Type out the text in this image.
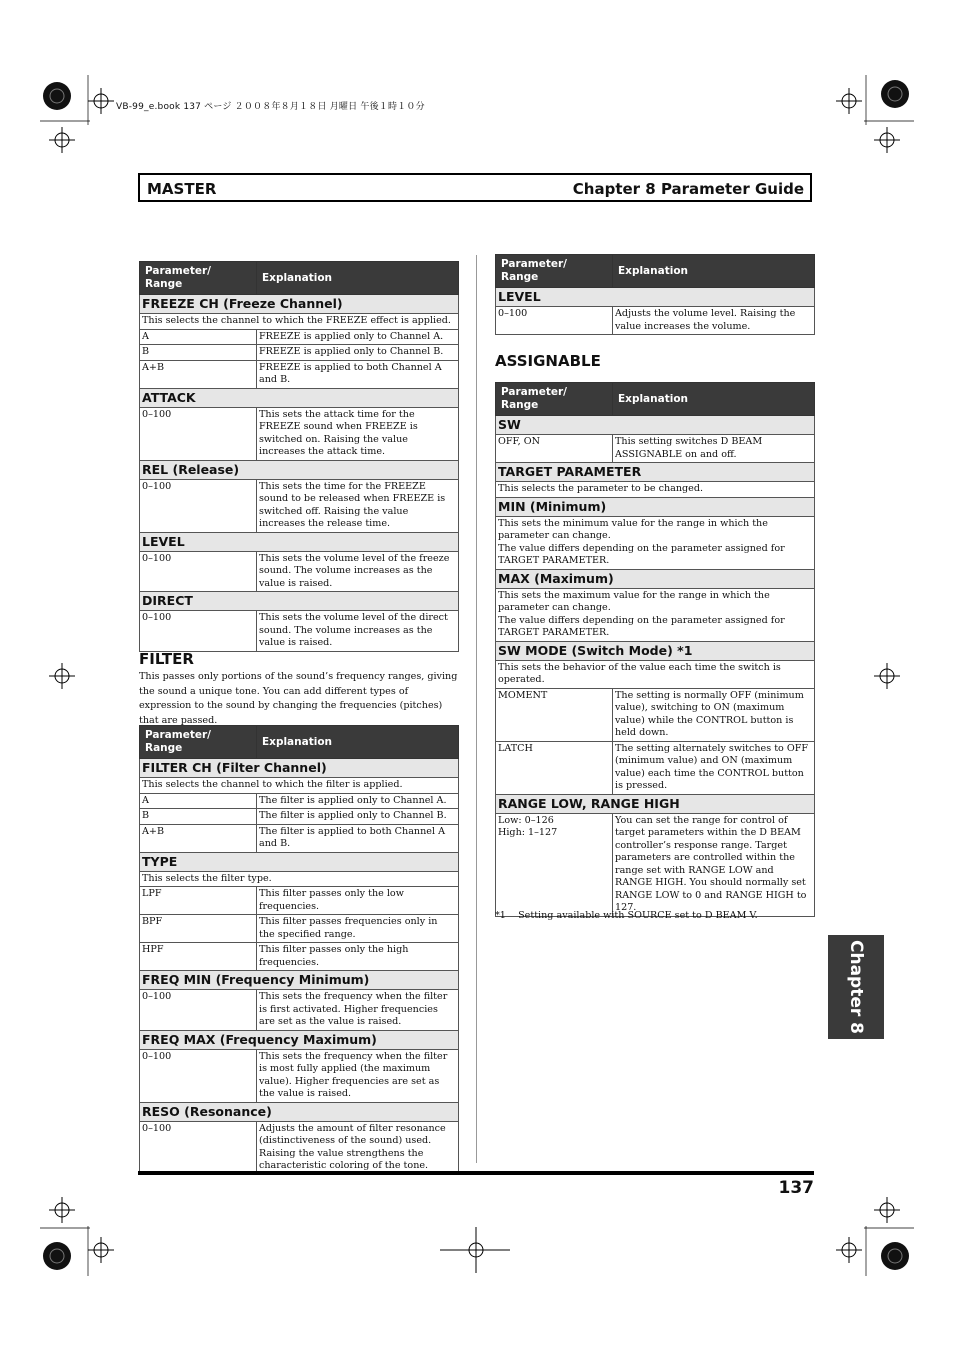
VB-99_e.book 137 ページ ２００８年８月１８日 月曜日 午後１時１０分
MASTER	Chapter 8 Parameter Guide
Parameter/ Range	Explanation
FREEZE CH (Freeze Channel)	
This selects the channel to which the FREEZE effect is applied.	
A	FREEZE is applied only to Channel A.
B	FREEZE is applied only to Channel B.
A+B	FREEZE is applied to both Channel A and B.
ATTACK	
0–100	This sets the attack time for the FREEZE sound when FREEZE is switched on. Raising the value increases the attack time.
REL (Release)	
0–100	This sets the time for the FREEZE sound to be released when FREEZE is switched off. Raising the value increases the release time.
LEVEL	
0–100	This sets the volume level of the freeze sound. The volume increases as the value is raised.
DIRECT	
0–100	This sets the volume level of the direct sound. The volume increases as the value is raised.
FILTER
This passes only portions of the sound’s frequency ranges, giving the sound a unique tone. You can add different types of expression to the sound by changing the frequencies (pitches) that are passed.
Parameter/ Range	Explanation
FILTER CH (Filter Channel)	
This selects the channel to which the filter is applied.	
A	The filter is applied only to Channel A.
B	The filter is applied only to Channel B.
A+B	The filter is applied to both Channel A and B.
TYPE	
This selects the filter type.	
LPF	This filter passes only the low frequencies.
BPF	This filter passes frequencies only in the specified range.
HPF	This filter passes only the high frequencies.
FREQ MIN (Frequency Minimum)	
0–100	This sets the frequency when the filter is first activated. Higher frequencies are set as the value is raised.
FREQ MAX (Frequency Maximum)	
0–100	This sets the frequency when the filter is most fully applied (the maximum value). Higher frequencies are set as the value is raised.
RESO (Resonance)	
0–100	Adjusts the amount of filter resonance (distinctiveness of the sound) used. Raising the value strengthens the characteristic coloring of the tone.
Parameter/ Range	Explanation
LEVEL	
0–100	Adjusts the volume level. Raising the value increases the volume.
ASSIGNABLE
Parameter/ Range	Explanation
SW	
OFF, ON	This setting switches D BEAM ASSIGNABLE on and off.
TARGET PARAMETER	
This selects the parameter to be changed.	
MIN (Minimum)	
This sets the minimum value for the range in which the parameter can change.
The value differs depending on the parameter assigned for TARGET PARAMETER.	
MAX (Maximum)	
This sets the maximum value for the range in which the parameter can change.
The value differs depending on the parameter assigned for TARGET PARAMETER.	
SW MODE (Switch Mode) *1	
This sets the behavior of the value each time the switch is operated.	
MOMENT	The setting is normally OFF (minimum value), switching to ON (maximum value) while the CONTROL button is held down.
LATCH	The setting alternately switches to OFF (minimum value) and ON (maximum value) each time the CONTROL button is pressed.
RANGE LOW, RANGE HIGH	
Low: 0–126
High: 1–127	You can set the range for control of target parameters within the D BEAM controller’s response range. Target parameters are controlled within the range set with RANGE LOW and RANGE HIGH. You should normally set RANGE LOW to 0 and RANGE HIGH to 127.
*1    Setting available with SOURCE set to D BEAM V.
137
Chapter 8
